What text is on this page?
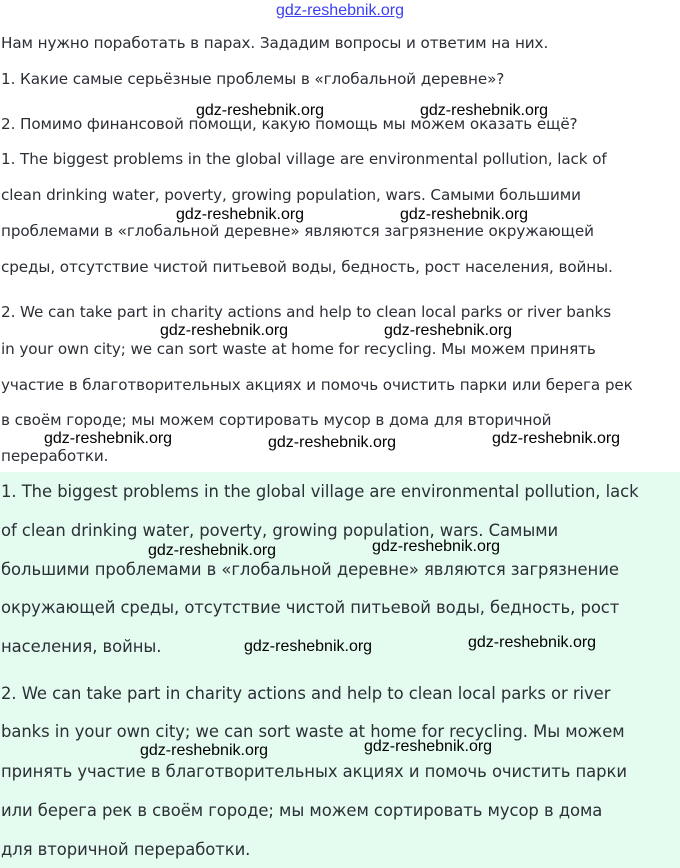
gdz-reshebnik.org
Нам нужно поработать в парах. Зададим вопросы и ответим на них.
1. Какие самые серьёзные проблемы в «глобальной деревне»?
2. Помимо финансовой помощи, какую помощь мы можем оказать ещё?
1. The biggest problems in the global village are environmental pollution, lack of
clean drinking water, poverty, growing population, wars. Самыми большими
проблемами в «глобальной деревне» являются загрязнение окружающей
среды, отсутствие чистой питьевой воды, бедность, рост населения, войны.
2. We can take part in charity actions and help to clean local parks or river banks
in your own city; we can sort waste at home for recycling. Мы можем принять
участие в благотворительных акциях и помочь очистить парки или берега рек
в своём городе; мы можем сортировать мусор в дома для вторичной
переработки.
1. The biggest problems in the global village are environmental pollution, lack
of clean drinking water, poverty, growing population, wars. Самыми
большими проблемами в «глобальной деревне» являются загрязнение
окружающей среды, отсутствие чистой питьевой воды, бедность, рост
населения, войны.
2. We can take part in charity actions and help to clean local parks or river
banks in your own city; we can sort waste at home for recycling. Мы можем
принять участие в благотворительных акциях и помочь очистить парки
или берега рек в своём городе; мы можем сортировать мусор в дома
для вторичной переработки.
gdz-reshebnik.org	gdz-reshebnik.org
gdz-reshebnik.org	gdz-reshebnik.org
gdz-reshebnik.org	gdz-reshebnik.org
gdz-reshebnik.org	gdz-reshebnik.org	gdz-reshebnik.org
gdz-reshebnik.org	gdz-reshebnik.org
gdz-reshebnik.org	gdz-reshebnik.org
gdz-reshebnik.org	gdz-reshebnik.org
